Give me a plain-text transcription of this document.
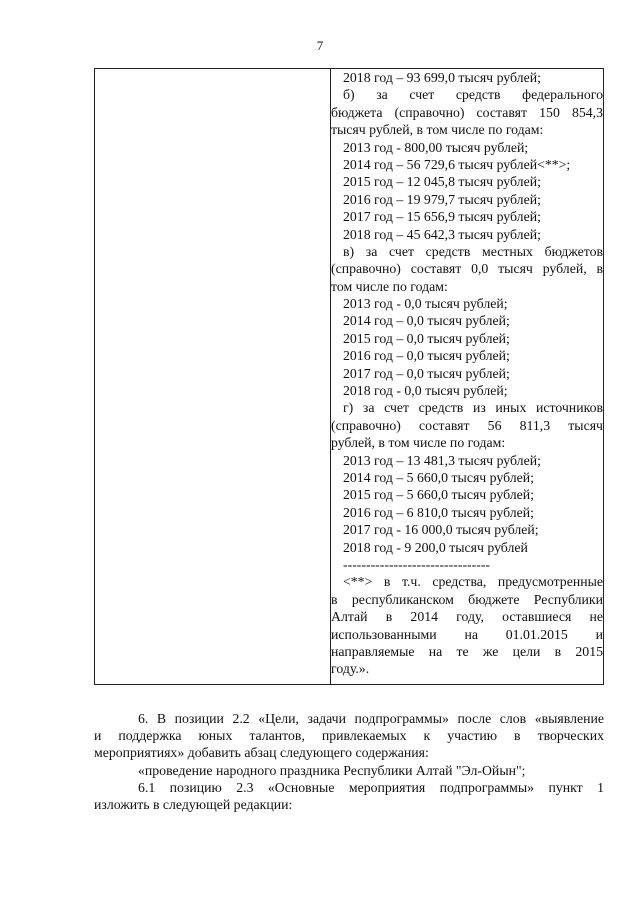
7

2018 год – 93 699,0 тысяч рублей;
б) за счет средств федерального
бюджета (справочно) составят 150 854,3
тысяч рублей, в том числе по годам:
2013 год - 800,00 тысяч рублей;
2014 год – 56 729,6 тысяч рублей<**>;
2015 год – 12 045,8 тысяч рублей;
2016 год – 19 979,7 тысяч рублей;
2017 год – 15 656,9 тысяч рублей;
2018 год – 45 642,3 тысяч рублей;
в) за счет средств местных бюджетов
(справочно) составят 0,0 тысяч рублей, в
том числе по годам:
2013 год - 0,0 тысяч рублей;
2014 год – 0,0 тысяч рублей;
2015 год – 0,0 тысяч рублей;
2016 год – 0,0 тысяч рублей;
2017 год – 0,0 тысяч рублей;
2018 год - 0,0 тысяч рублей;
г) за счет средств из иных источников
(справочно) составят 56 811,3 тысяч
рублей, в том числе по годам:
2013 год – 13 481,3 тысяч рублей;
2014 год – 5 660,0 тысяч рублей;
2015 год – 5 660,0 тысяч рублей;
2016 год – 6 810,0 тысяч рублей;
2017 год - 16 000,0 тысяч рублей;
2018 год - 9 200,0 тысяч рублей
--------------------------------
<**> в т.ч. средства, предусмотренные
в республиканском бюджете Республики
Алтай в 2014 году, оставшиеся не
использованными на 01.01.2015 и
направляемые на те же цели в 2015
году.».
6. В позиции 2.2 «Цели, задачи подпрограммы» после слов «выявление
и поддержка юных талантов, привлекаемых к участию в творческих
мероприятиях» добавить абзац следующего содержания:
«проведение народного праздника Республики Алтай "Эл-Ойын";
6.1 позицию 2.3 «Основные мероприятия подпрограммы» пункт 1
изложить в следующей редакции:
